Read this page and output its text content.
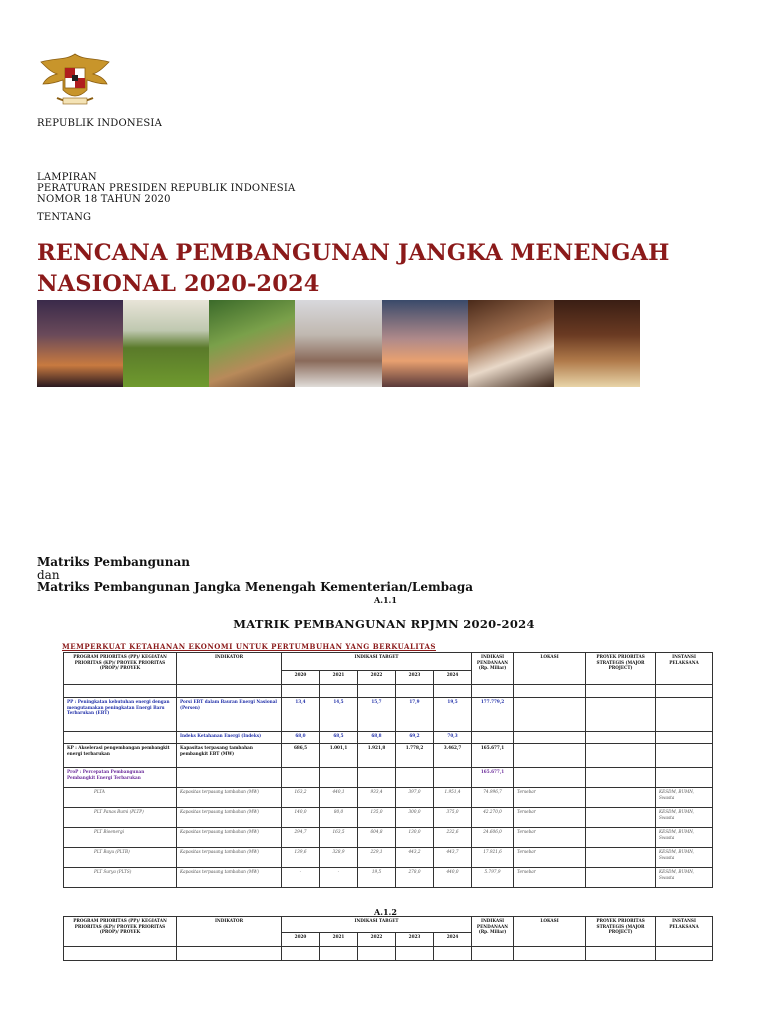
REPUBLIK INDONESIA
LAMPIRAN
PERATURAN PRESIDEN REPUBLIK INDONESIA
NOMOR 18 TAHUN 2020
TENTANG
RENCANA PEMBANGUNAN JANGKA MENENGAH
NASIONAL 2020-2024
Matriks Pembangunan
dan
Matriks Pembangunan Jangka Menengah Kementerian/Lembaga
A.1.1
MATRIK PEMBANGUNAN RPJMN 2020-2024
MEMPERKUAT KETAHANAN EKONOMI UNTUK PERTUMBUHAN YANG BERKUALITAS
PROGRAM PRIORITAS (PP)/ KEGIATAN PRIORITAS (KP)/ PROYEK PRIORITAS (PROP)/ PROYEK	INDIKATOR	INDIKASI TARGET					INDIKASI PENDANAAN (Rp. Miliar)	LOKASI	PROYEK PRIORITAS STRATEGIS (MAJOR PROJECT)	INSTANSI PELAKSANA
		2020	2021	2022	2023	2024				

PP : Peningkatan kebutuhan energi dengan mengutamakan peningkatan Energi Baru Terbarukan (EBT)	Porsi EBT dalam Bauran Energi Nasional (Persen)	13,4	14,5	15,7	17,9	19,5	177.779,2			
	Indeks Ketahanan Energi (Indeks)	68,0	68,5	68,8	69,2	70,3				
KP : Akselerasi pengembangan pembangkit energi terbarukan	Kapasitas terpasang tambahan pembangkit EBT (MW)	686,5	1.001,1	1.921,8	1.778,2	3.462,7	165.677,1			
ProP : Percepatan Pembangunan Pembangkit Energi Terbarukan							165.677,1			
PLTA	Kapasitas terpasang tambahan (MW)	163,2	440,1	933,4	397,0	1.951,4	74.996,7	Tersebar		KESDM, BUMN, Swasta
PLT Panas Bumi (PLTP)	Kapasitas terpasang tambahan (MW)	140,0	80,0	135,0	300,0	375,0	42.270,0	Tersebar		KESDM, BUMN, Swasta
PLT Bioenergi	Kapasitas terpasang tambahan (MW)	294,7	163,5	604,8	130,0	232,6	24.606,0	Tersebar		KESDM, BUMN, Swasta
PLT Bayu (PLTB)	Kapasitas terpasang tambahan (MW)	139,6	328,9	229,1	443,2	443,7	17.921,6	Tersebar		KESDM, BUMN, Swasta
PLT Surya (PLTS)	Kapasitas terpasang tambahan (MW)	-	-	19,5	278,0	440,0	5.797,9	Tersebar		KESDM, BUMN, Swasta
A.1.2
PROGRAM PRIORITAS (PP)/ KEGIATAN PRIORITAS (KP)/ PROYEK PRIORITAS (PROP)/ PROYEK	INDIKATOR	INDIKASI TARGET					INDIKASI PENDANAAN (Rp. Miliar)	LOKASI	PROYEK PRIORITAS STRATEGIS (MAJOR PROJECT)	INSTANSI PELAKSANA
		2020	2021	2022	2023	2024				
